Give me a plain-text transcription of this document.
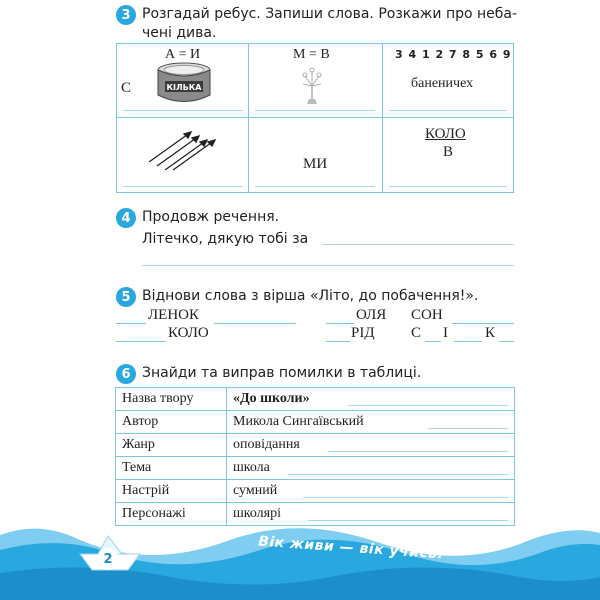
3 Розгадай ребус. Запиши слова. Розкажи про неба-
чені дива.
А = И
С	КІЛЬКА
М = В	3 4 1 2 7 8 5 6 9
баненичех
МИ
КОЛО
В
4 Продовж речення.
Літечко, дякую тобі за
5 Віднови слова з вірша «Літо, до побачення!».
ЛЕНОК	ОЛЯ СОН
КОЛО	РІД С І К
6 Знайди та виправ помилки в таблиці.
Назва твору	«До школи»

Автор	Микола Сингаївський

Жанр	оповідання

Тема	школа

Настрій	сумний

Персонажі	школярі
2	Вік живи — вік учись.
